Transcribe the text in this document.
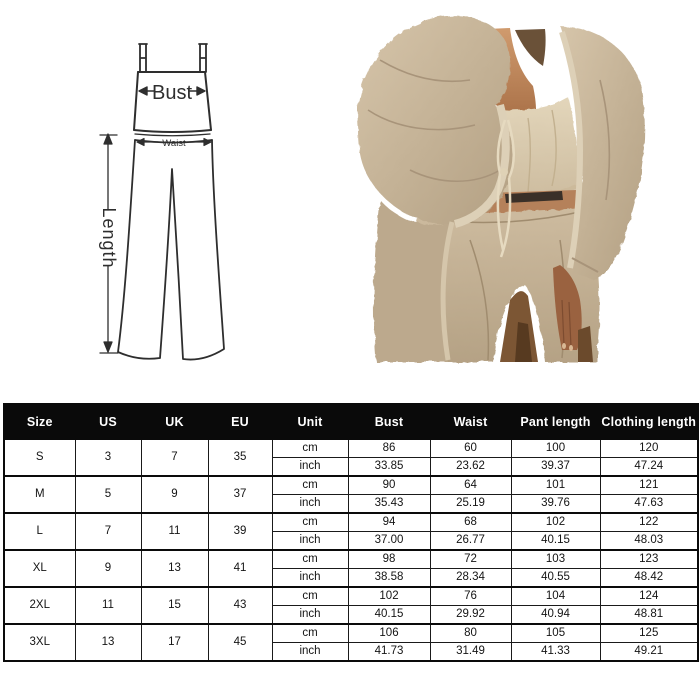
Bust
Waist
Length
Size	US	UK	EU	Unit	Bust	Waist	Pant length	Clothing length
S	3	7	35	cm	86	60	100	120
				inch	33.85	23.62	39.37	47.24
M	5	9	37	cm	90	64	101	121
				inch	35.43	25.19	39.76	47.63
L	7	11	39	cm	94	68	102	122
				inch	37.00	26.77	40.15	48.03
XL	9	13	41	cm	98	72	103	123
				inch	38.58	28.34	40.55	48.42
2XL	11	15	43	cm	102	76	104	124
				inch	40.15	29.92	40.94	48.81
3XL	13	17	45	cm	106	80	105	125
				inch	41.73	31.49	41.33	49.21
